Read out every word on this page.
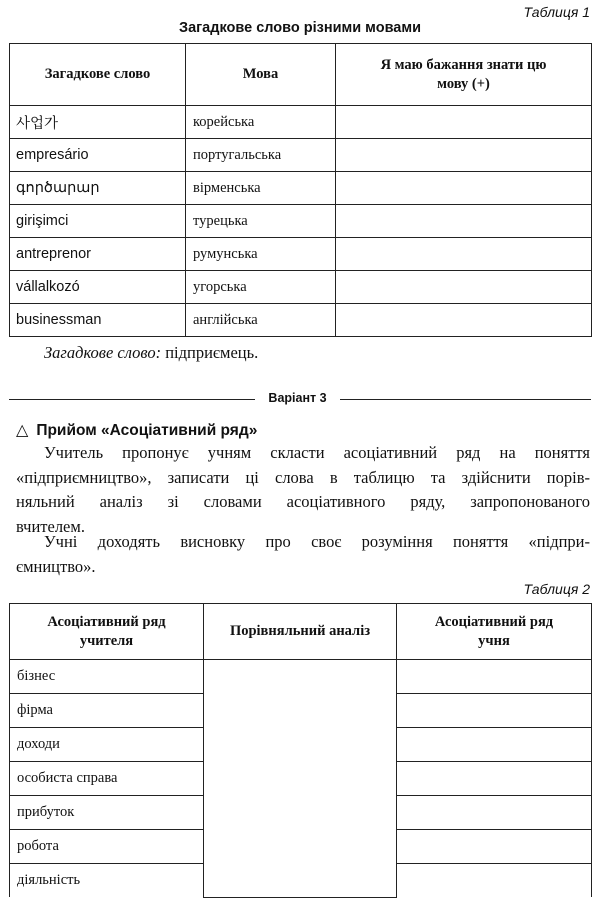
Таблиця 1
Загадкове слово різними мовами
Загадкове слово	Мова	Я маю бажання знати цю мову (+)
사업가	корейська	
empresário	португальська	
գործարար	вірменська	
girişimci	турецька	
antreprenor	румунська	
vállalkozó	угорська	
businessman	англійська	
Загадкове слово: підприємець.
Варіант 3
△ Прийом «Асоціативний ряд»
Учитель пропонує учням скласти асоціативний ряд на поняття
«підприємництво», записати ці слова в таблицю та здійснити порів-
няльний аналіз зі словами асоціативного ряду, запропонованого
вчителем.
Учні доходять висновку про своє розуміння поняття «підпри-
ємництво».
Таблиця 2
Асоціативний ряд учителя	Порівняльний аналіз	Асоціативний ряд учня
бізнес		
фірма		
доходи		
особиста справа		
прибуток		
робота		
діяльність		
